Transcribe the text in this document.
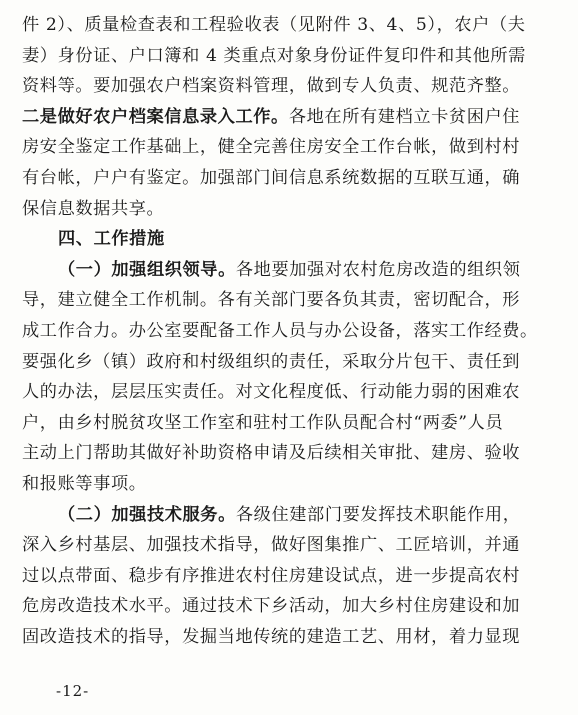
件 2）、质量检查表和工程验收表（见附件 3、4、5），农户（夫
妻）身份证、户口簿和 4 类重点对象身份证件复印件和其他所需
资料等。要加强农户档案资料管理，做到专人负责、规范齐整。
二是做好农户档案信息录入工作。各地在所有建档立卡贫困户住
房安全鉴定工作基础上，健全完善住房安全工作台帐，做到村村
有台帐，户户有鉴定。加强部门间信息系统数据的互联互通，确
保信息数据共享。
四、工作措施
（一）加强组织领导。各地要加强对农村危房改造的组织领
导，建立健全工作机制。各有关部门要各负其责，密切配合，形
成工作合力。办公室要配备工作人员与办公设备，落实工作经费。
要强化乡（镇）政府和村级组织的责任，采取分片包干、责任到
人的办法，层层压实责任。对文化程度低、行动能力弱的困难农
户，由乡村脱贫攻坚工作室和驻村工作队员配合村“两委”人员
主动上门帮助其做好补助资格申请及后续相关审批、建房、验收
和报账等事项。
（二）加强技术服务。各级住建部门要发挥技术职能作用，
深入乡村基层、加强技术指导，做好图集推广、工匠培训，并通
过以点带面、稳步有序推进农村住房建设试点，进一步提高农村
危房改造技术水平。通过技术下乡活动，加大乡村住房建设和加
固改造技术的指导，发掘当地传统的建造工艺、用材，着力显现
-12-
